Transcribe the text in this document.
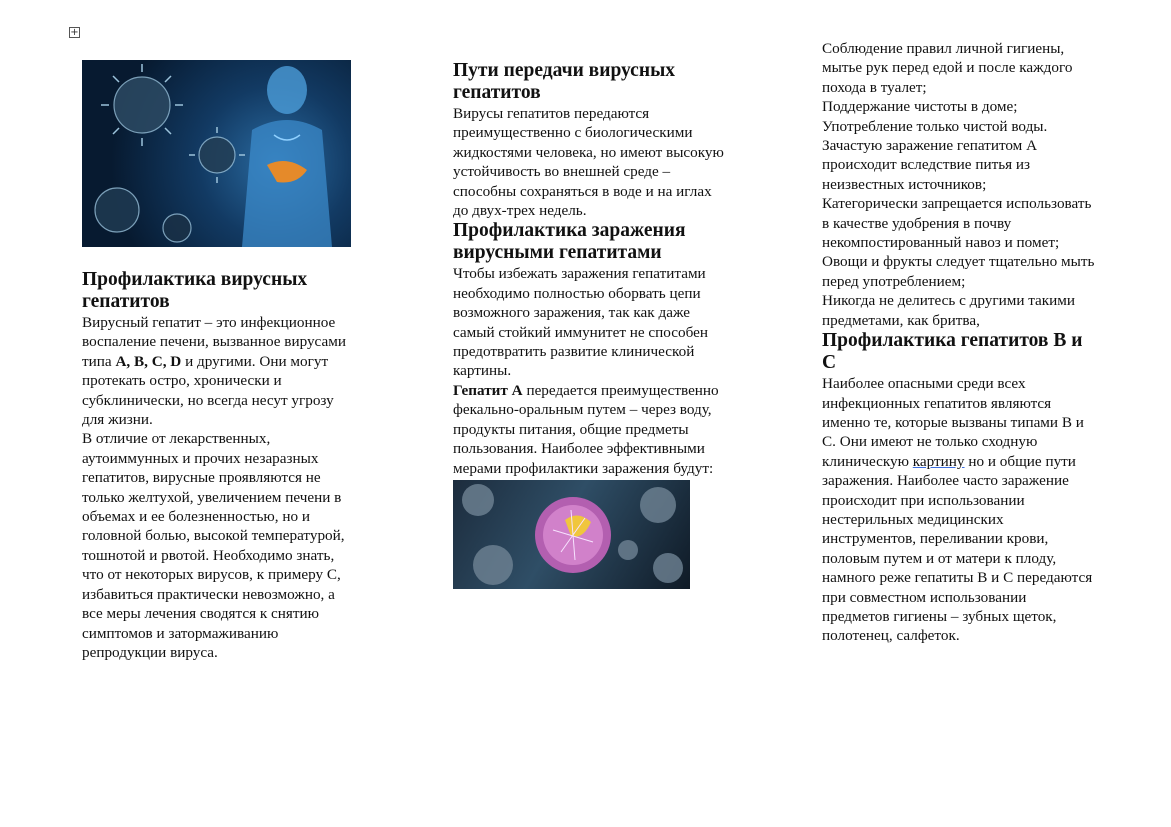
+
Профилактика вирусных гепатитов

Вирусный гепатит – это инфекционное воспаление печени, вызванное вирусами типа A, B, C, D и другими. Они могут протекать остро, хронически и субклинически, но всегда несут угрозу для жизни.

В отличие от лекарственных, аутоиммунных и прочих незаразных гепатитов, вирусные проявляются не только желтухой, увеличением печени в объемах и ее болезненностью, но и головной болью, высокой температурой, тошнотой и рвотой. Необходимо знать, что от некоторых вирусов, к примеру С, избавиться практически невозможно, а все меры лечения сводятся к снятию симптомов и затормаживанию репродукции вируса.

Пути передачи вирусных гепатитов

Вирусы гепатитов передаются преимущественно с биологическими жидкостями человека, но имеют высокую устойчивость во внешней среде – способны сохраняться в воде и на иглах до двух-трех недель.

Профилактика заражения вирусными гепатитами

Чтобы избежать заражения гепатитами необходимо полностью оборвать цепи возможного заражения, так как даже самый стойкий иммунитет не способен предотвратить развитие клинической картины.

Гепатит А передается преимущественно фекально-оральным путем – через воду, продукты питания, общие предметы пользования. Наиболее эффективными мерами профилактики заражения будут:

Соблюдение правил личной гигиены, мытье рук перед едой и после каждого похода в туалет;

Поддержание чистоты в доме;

Употребление только чистой воды. Зачастую заражение гепатитом А происходит вследствие питья из неизвестных источников;

Категорически запрещается использовать в качестве удобрения в почву некомпостированный навоз и помет;

Овощи и фрукты следует тщательно мыть перед употреблением;

Никогда не делитесь с другими такими предметами, как бритва,

Профилактика гепатитов В и С

Наиболее опасными среди всех инфекционных гепатитов являются именно те, которые вызваны типами В и С. Они имеют не только сходную клиническую картину но и общие пути заражения. Наиболее часто заражение происходит при использовании нестерильных медицинских инструментов, переливании крови, половым путем и от матери к плоду, намного реже гепатиты В и С передаются при совместном использовании предметов гигиены – зубных щеток, полотенец, салфеток.
